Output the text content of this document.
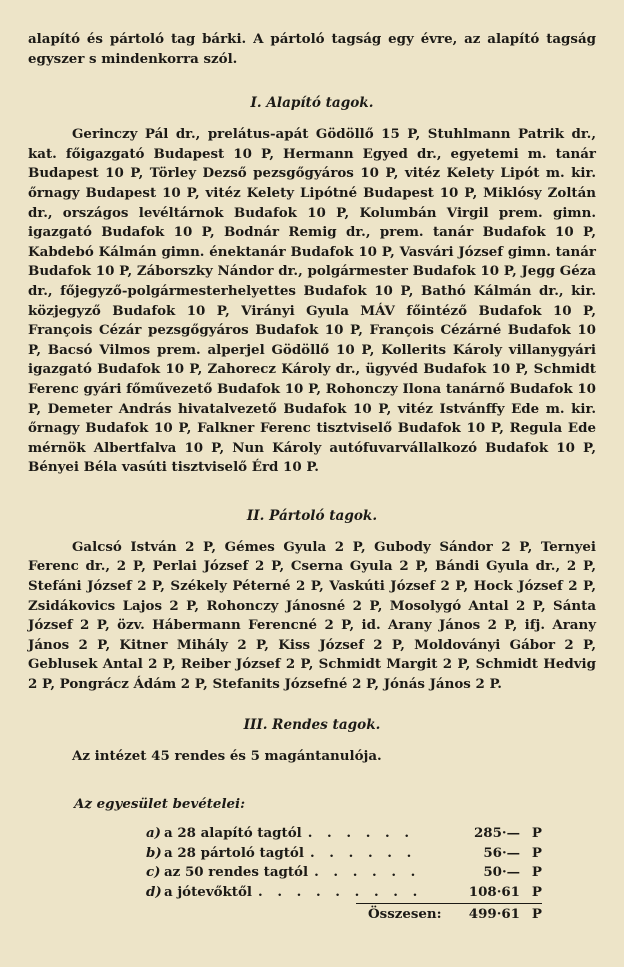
alapító és pártoló tag bárki. A pártoló tagság egy évre, az alapító tagság egyszer s mindenkorra szól.

I. Alapító tagok.

Gerinczy Pál dr., prelátus-apát Gödöllő 15 P, Stuhlmann Patrik dr., kat. főigazgató Budapest 10 P, Hermann Egyed dr., egyetemi m. tanár Budapest 10 P, Törley Dezső pezsgőgyáros 10 P, vitéz Kelety Lipót m. kir. őrnagy Budapest 10 P, vitéz Kelety Lipótné Budapest 10 P, Miklósy Zoltán dr., országos levéltárnok Budafok 10 P, Kolumbán Virgil prem. gimn. igazgató Budafok 10 P, Bodnár Remig dr., prem. tanár Budafok 10 P, Kabdebó Kálmán gimn. énektanár Budafok 10 P, Vasvári József gimn. tanár Budafok 10 P, Záborszky Nándor dr., polgármester Budafok 10 P, Jegg Géza dr., főjegyző-polgármesterhelyettes Budafok 10 P, Bathó Kálmán dr., kir. közjegyző Budafok 10 P, Virányi Gyula MÁV főintéző Budafok 10 P, François Cézár pezsgőgyáros Budafok 10 P, François Cézárné Budafok 10 P, Bacsó Vilmos prem. alperjel Gödöllő 10 P, Kollerits Károly villanygyári igazgató Budafok 10 P, Zahorecz Károly dr., ügyvéd Budafok 10 P, Schmidt Ferenc gyári főművezető Budafok 10 P, Rohonczy Ilona tanárnő Budafok 10 P, Demeter András hivatalvezető Budafok 10 P, vitéz Istvánffy Ede m. kir. őrnagy Budafok 10 P, Falkner Ferenc tisztviselő Budafok 10 P, Regula Ede mérnök Albertfalva 10 P, Nun Károly autófuvarvállalkozó Budafok 10 P, Bényei Béla vasúti tisztviselő Érd 10 P.

II. Pártoló tagok.

Galcsó István 2 P, Gémes Gyula 2 P, Gubody Sándor 2 P, Ternyei Ferenc dr., 2 P, Perlai József 2 P, Cserna Gyula 2 P, Bándi Gyula dr., 2 P, Stefáni József 2 P, Székely Péterné 2 P, Vaskúti József 2 P, Hock József 2 P, Zsidákovics Lajos 2 P, Rohonczy Jánosné 2 P, Mosolygó Antal 2 P, Sánta József 2 P, özv. Hábermann Ferencné 2 P, id. Arany János 2 P, ifj. Arany János 2 P, Kitner Mihály 2 P, Kiss József 2 P, Moldoványi Gábor 2 P, Geblusek Antal 2 P, Reiber József 2 P, Schmidt Margit 2 P, Schmidt Hedvig 2 P, Pongrácz Ádám 2 P, Stefanits Józsefné 2 P, Jónás János 2 P.

III. Rendes tagok.

Az intézet 45 rendes és 5 magántanulója.

Az egyesület bevételei:

a) a 28 alapító tagtól . . . . . .	285·— P
b) a 28 pártoló tagtól . . . . . .	56·— P
c) az 50 rendes tagtól . . . . . .	50·— P
d) a jótevőktől . . . . . . . . .	108·61 P
Összesen:	499·61 P
